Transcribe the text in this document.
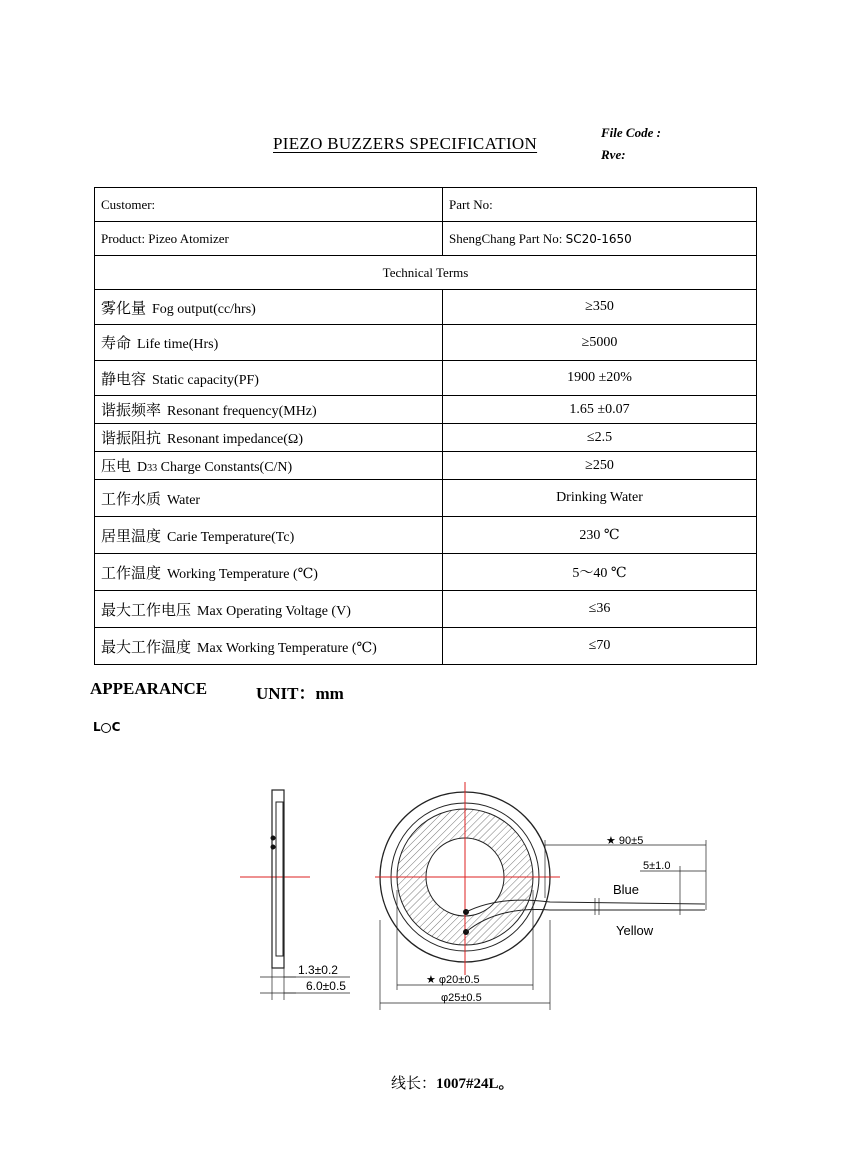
PIEZO BUZZERS SPECIFICATION
File Code :
Rve:
Customer:	Part No:
Product: Pizeo Atomizer	ShengChang Part No: SC20-1650
Technical Terms	
雾化量 Fog output(cc/hrs)	≥350
寿命 Life time(Hrs)	≥5000
静电容 Static capacity(PF)	1900 ±20%
谐振频率 Resonant frequency(MHz)	1.65 ±0.07
谐振阻抗 Resonant impedance(Ω)	≤2.5
压电 D33 Charge Constants(C/N)	≥250
工作水质 Water	Drinking Water
居里温度 Carie Temperature(Tc)	230 ℃
工作温度 Working Temperature (℃)	5～40 ℃
最大工作电压 Max Operating Voltage (V)	≤36
最大工作温度 Max Working Temperature (℃)	≤70
APPEARANCE	UNIT：mm
L C
1.3±0.2
6.0±0.5
★ 90±5
5±1.0
Blue
Yellow
★ φ20±0.5
φ25±0.5
线长：1007#24L。
